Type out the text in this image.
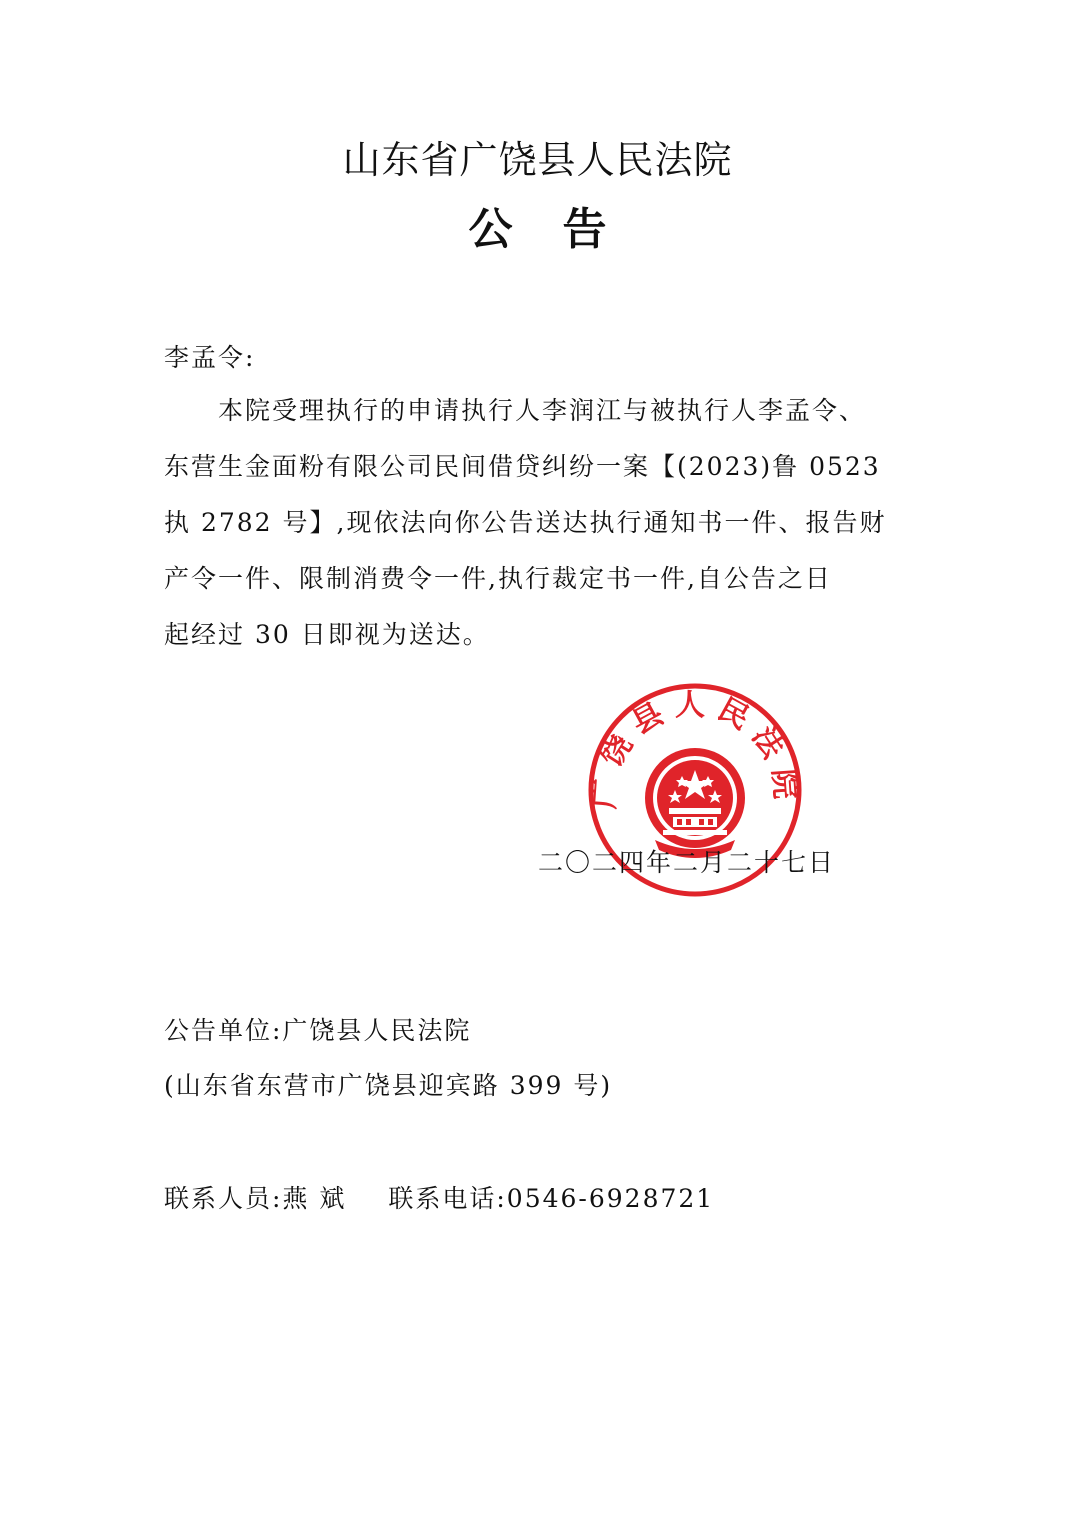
山东省广饶县人民法院
公告
李孟令:
本院受理执行的申请执行人李润江与被执行人李孟令、
东营生金面粉有限公司民间借贷纠纷一案【(2023)鲁 0523
执 2782 号】,现依法向你公告送达执行通知书一件、报告财
产令一件、限制消费令一件,执行裁定书一件,自公告之日
起经过 30 日即视为送达。
广饶县人民法院
二〇二四年二月二十七日
公告单位:广饶县人民法院
(山东省东营市广饶县迎宾路 399 号)
联系人员:燕 斌 联系电话:0546-6928721
